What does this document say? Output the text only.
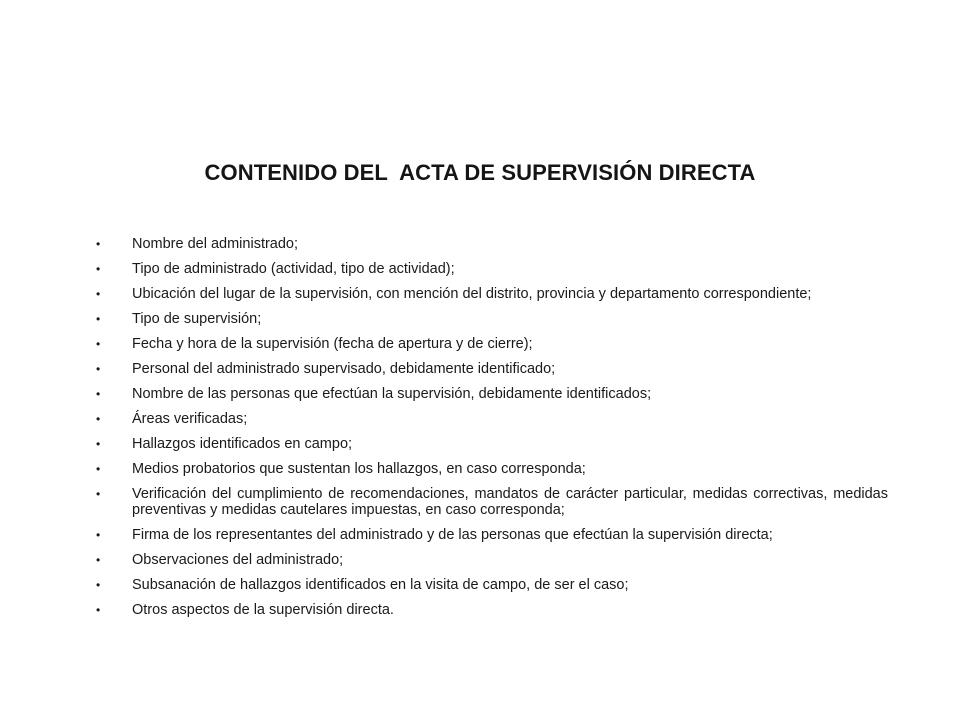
CONTENIDO DEL  ACTA DE SUPERVISIÓN DIRECTA
• Nombre del administrado;
• Tipo de administrado (actividad, tipo de actividad);
• Ubicación del lugar de la supervisión, con mención del distrito, provincia y departamento correspondiente;
• Tipo de supervisión;
• Fecha y hora de la supervisión (fecha de apertura y de cierre);
• Personal del administrado supervisado, debidamente identificado;
• Nombre de las personas que efectúan la supervisión, debidamente identificados;
• Áreas verificadas;
• Hallazgos identificados en campo;
• Medios probatorios que sustentan los hallazgos, en caso corresponda;
• Verificación del cumplimiento de recomendaciones, mandatos de carácter particular, medidas correctivas, medidas preventivas y medidas cautelares impuestas, en caso corresponda;
• Firma de los representantes del administrado y de las personas que efectúan la supervisión directa;
• Observaciones del administrado;
• Subsanación de hallazgos identificados en la visita de campo, de ser el caso;
• Otros aspectos de la supervisión directa.
